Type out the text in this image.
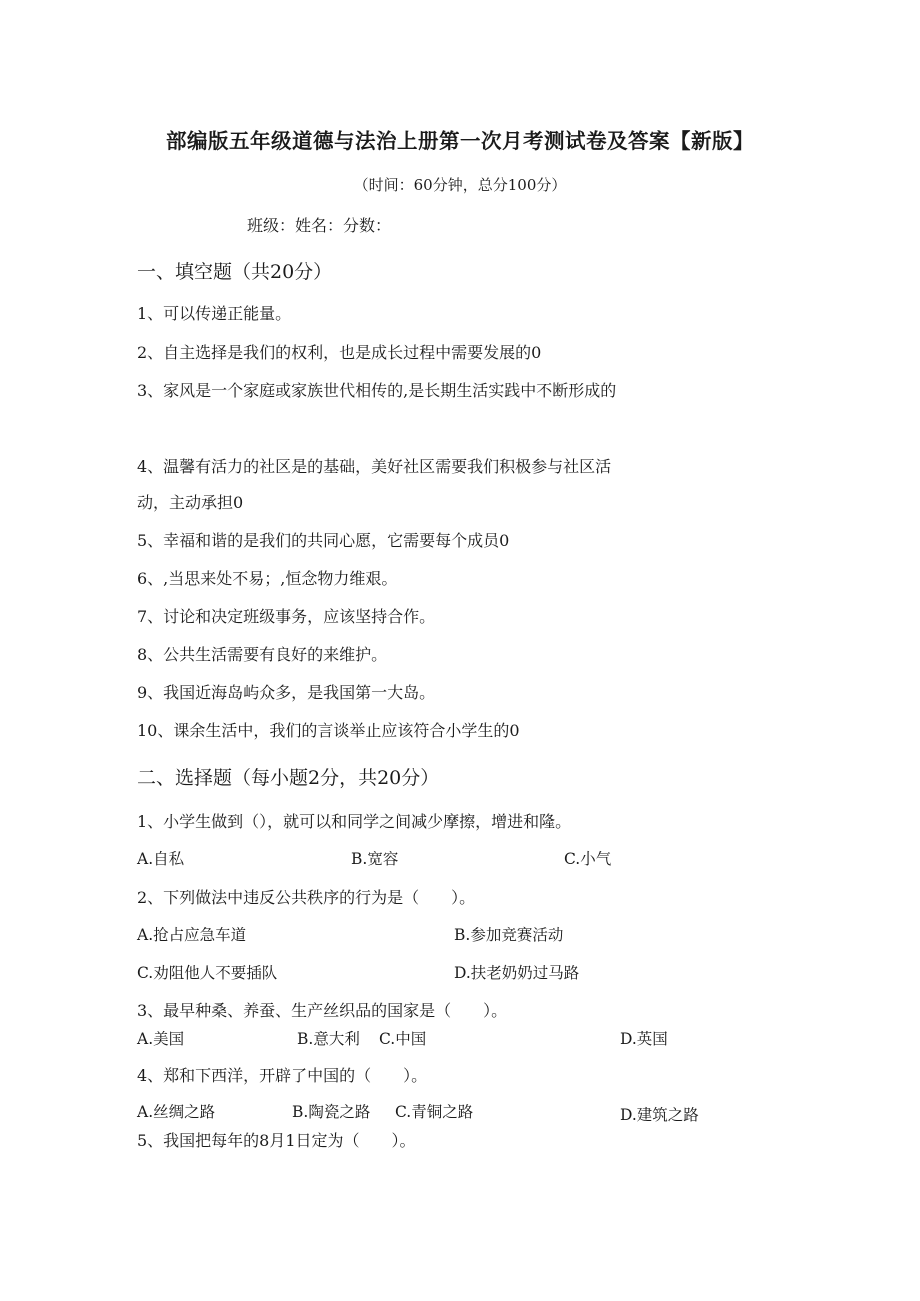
部编版五年级道德与法治上册第一次月考测试卷及答案【新版】
（时间：60分钟，总分100分）
班级：姓名：分数：
一、填空题（共20分）
1、可以传递正能量。
2、自主选择是我们的权利，也是成长过程中需要发展的0
3、家风是一个家庭或家族世代相传的,是长期生活实践中不断形成的
4、温馨有活力的社区是的基础，美好社区需要我们积极参与社区活
动，主动承担0
5、幸福和谐的是我们的共同心愿，它需要每个成员0
6、,当思来处不易；,恒念物力维艰。
7、讨论和决定班级事务，应该坚持合作。
8、公共生活需要有良好的来维护。
9、我国近海岛屿众多，是我国第一大岛。
10、课余生活中，我们的言谈举止应该符合小学生的0
二、选择题（每小题2分，共20分）
1、小学生做到（），就可以和同学之间减少摩擦，增进和隆。
A.自私	B.宽容	C.小气
2、下列做法中违反公共秩序的行为是（　　）。
A.抢占应急车道	B.参加竞赛活动
C.劝阻他人不要插队	D.扶老奶奶过马路
3、最早种桑、养蚕、生产丝织品的国家是（　　）。
A.美国	B.意大利 C.中国	D.英国
4、郑和下西洋，开辟了中国的（　　）。
A.丝绸之路	B.陶瓷之路 C.青铜之路	D.建筑之路
5、我国把每年的8月1日定为（　　）。
